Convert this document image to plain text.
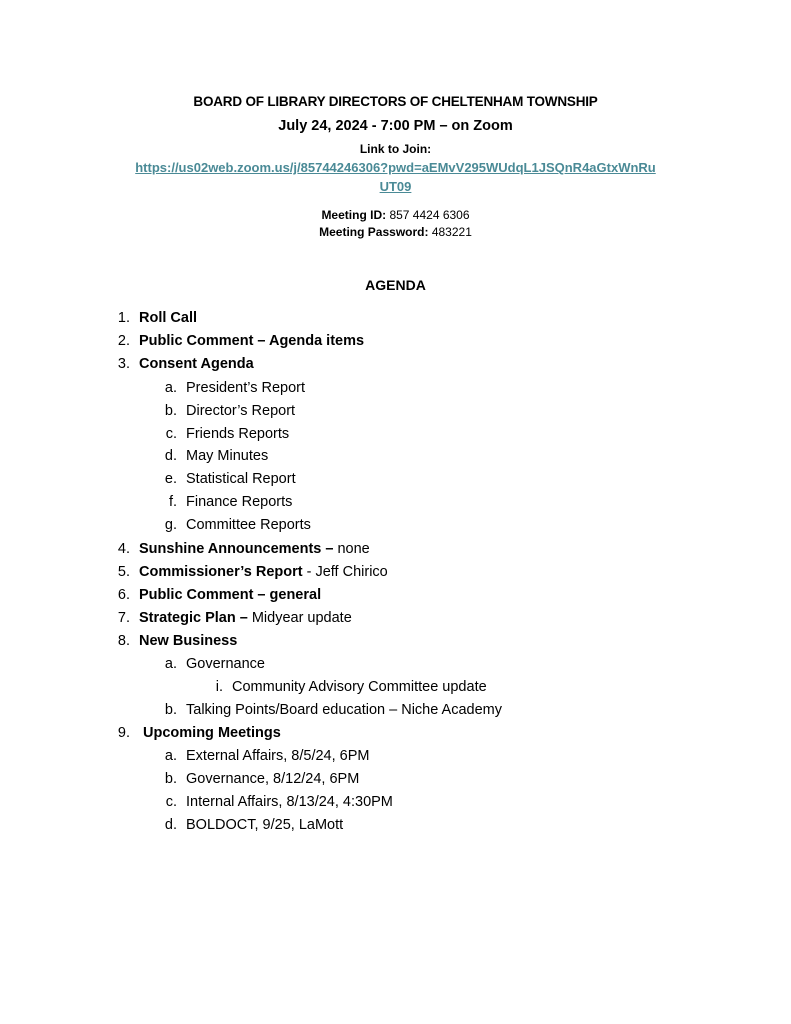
BOARD OF LIBRARY DIRECTORS OF CHELTENHAM TOWNSHIP
July 24, 2024 - 7:00 PM – on Zoom
Link to Join:
https://us02web.zoom.us/j/85744246306?pwd=aEMvV295WUdqL1JSQnR4aGtxWnRu
UT09
Meeting ID: 857 4424 6306
Meeting Password: 483221
AGENDA
1. Roll Call
2. Public Comment – Agenda items
3. Consent Agenda
a. President’s Report
b. Director’s Report
c. Friends Reports
d. May Minutes
e. Statistical Report
f. Finance Reports
g. Committee Reports
4. Sunshine Announcements – none
5. Commissioner’s Report - Jeff Chirico
6. Public Comment – general
7. Strategic Plan – Midyear update
8. New Business
a. Governance
i. Community Advisory Committee update
b. Talking Points/Board education – Niche Academy
9. Upcoming Meetings
a. External Affairs, 8/5/24, 6PM
b. Governance, 8/12/24, 6PM
c. Internal Affairs, 8/13/24, 4:30PM
d. BOLDOCT, 9/25, LaMott
